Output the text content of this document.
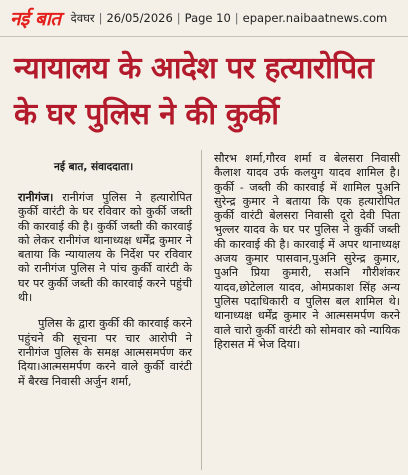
नई बात देवघर | 26/05/2026 | Page 10 | epaper.naibaatnews.com
न्यायालय के आदेश पर हत्यारोपित
के घर पुलिस ने की कुर्की
नई बात, संवाददाता।

रानीगंज। रानीगंज पुलिस ने हत्यारोपित कुर्की वारंटी के घर रविवार को कुर्की जब्ती की कारवाई की है। कुर्की जब्ती की कारवाई को लेकर रानीगंज थानाध्यक्ष धर्मेंद्र कुमार ने बताया कि न्यायालय के निर्देश पर रविवार को रानीगंज पुलिस ने पांच कुर्की वारंटी के घर पर कुर्की जब्ती की कारवाई करने पहुंची थी।

पुलिस के द्वारा कुर्की की कारवाई करने पहुंचने की सूचना पर चार आरोपी ने रानीगंज पुलिस के समक्ष आत्मसमर्पण कर दिया।आत्मसमर्पण करने वाले कुर्की वारंटी में बैरख निवासी अर्जुन शर्मा,

सौरभ शर्मा,गौरव शर्मा व बेलसरा निवासी कैलाश यादव उर्फ कलयुग यादव शामिल है।कुर्की - जब्ती की कारवाई में शामिल पुअनि सुरेन्द्र कुमार ने बताया कि एक हत्यारोपित कुर्की वारंटी बेलसरा निवासी दूरो देवी पिता भुल्लर यादव के घर पर पुलिस ने कुर्की जब्ती की कारवाई की है। कारवाई में अपर थानाध्यक्ष अजय कुमार पासवान,पुअनि सुरेन्द्र कुमार, पुअनि प्रिया कुमारी, सअनि गौरीशंकर यादव,छोटेलाल यादव, ओमप्रकाश सिंह अन्य पुलिस पदाधिकारी व पुलिस बल शामिल थे। थानाध्यक्ष धर्मेंद्र कुमार ने आत्मसमर्पण करने वाले चारो कुर्की वारंटी को सोमवार को न्यायिक हिरासत में भेज दिया।
